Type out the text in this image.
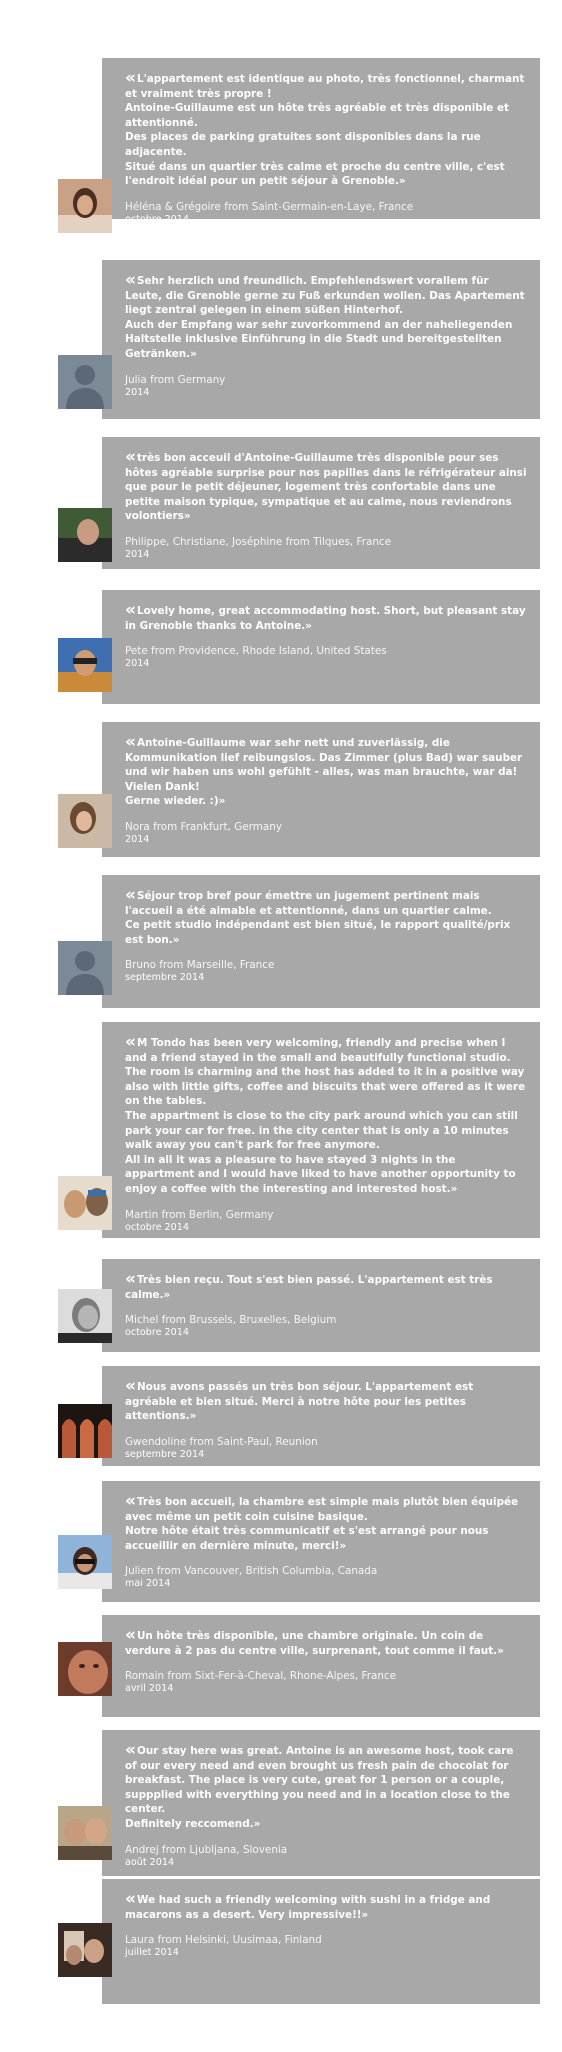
«L'appartement est identique au photo, très fonctionnel, charmant et vraiment très propre !
Antoine-Guillaume est un hôte très agréable et très disponible et attentionné.
Des places de parking gratuites sont disponibles dans la rue adjacente.
Situé dans un quartier très calme et proche du centre ville, c'est l'endroit idéal pour un petit séjour à Grenoble.»

Héléna & Grégoire from Saint-Germain-en-Laye, France

octobre 2014

«Sehr herzlich und freundlich. Empfehlendswert vorallem für Leute, die Grenoble gerne zu Fuß erkunden wollen. Das Apartement liegt zentral gelegen in einem süßen Hinterhof.
Auch der Empfang war sehr zuvorkommend an der naheliegenden Haltstelle inklusive Einführung in die Stadt und bereitgestellten Getränken.»

Julia from Germany

2014

«très bon acceuil d'Antoine-Guillaume très disponible pour ses hôtes agréable surprise pour nos papilles dans le réfrigérateur ainsi que pour le petit déjeuner, logement très confortable dans une petite maison typique, sympatique et au calme, nous reviendrons volontiers»

Philippe, Christiane, Joséphine from Tilques, France

2014

«Lovely home, great accommodating host. Short, but pleasant stay in Grenoble thanks to Antoine.»

Pete from Providence, Rhode Island, United States

2014

«Antoine-Guillaume war sehr nett und zuverlässig, die Kommunikation lief reibungslos. Das Zimmer (plus Bad) war sauber und wir haben uns wohl gefühlt - alles, was man brauchte, war da! Vielen Dank!
Gerne wieder. :)»

Nora from Frankfurt, Germany

2014

«Séjour trop bref pour émettre un jugement pertinent mais l'accueil a été aimable et attentionné, dans un quartier calme.
Ce petit studio indépendant est bien situé, le rapport qualité/prix est bon.»

Bruno from Marseille, France

septembre 2014

«M Tondo has been very welcoming, friendly and precise when I and a friend stayed in the small and beautifully functional studio. The room is charming and the host has added to it in a positive way also with little gifts, coffee and biscuits that were offered as it were on the tables.
The appartment is close to the city park around which you can still park your car for free. in the city center that is only a 10 minutes walk away you can't park for free anymore.
All in all it was a pleasure to have stayed 3 nights in the appartment and I would have liked to have another opportunity to enjoy a coffee with the interesting and interested host.»

Martin from Berlin, Germany

octobre 2014

«Très bien reçu. Tout s'est bien passé. L'appartement est très calme.»

Michel from Brussels, Bruxelles, Belgium

octobre 2014

«Nous avons passés un très bon séjour. L'appartement est agréable et bien situé. Merci à notre hôte pour les petites attentions.»

Gwendoline from Saint-Paul, Reunion

septembre 2014

«Très bon accueil, la chambre est simple mais plutôt bien équipée avec même un petit coin cuisine basique.
Notre hôte était très communicatif et s'est arrangé pour nous accueillir en dernière minute, merci!»

Julien from Vancouver, British Columbia, Canada

mai 2014

«Un hôte très disponible, une chambre originale. Un coin de verdure à 2 pas du centre ville, surprenant, tout comme il faut.»

Romain from Sixt-Fer-à-Cheval, Rhone-Alpes, France

avril 2014

«Our stay here was great. Antoine is an awesome host, took care of our every need and even brought us fresh pain de chocolat for breakfast. The place is very cute, great for 1 person or a couple, suppplied with everything you need and in a location close to the center.
Definitely reccomend.»

Andrej from Ljubljana, Slovenia

août 2014

«We had such a friendly welcoming with sushi in a fridge and macarons as a desert. Very impressive!!»

Laura from Helsinki, Uusimaa, Finland

juillet 2014
